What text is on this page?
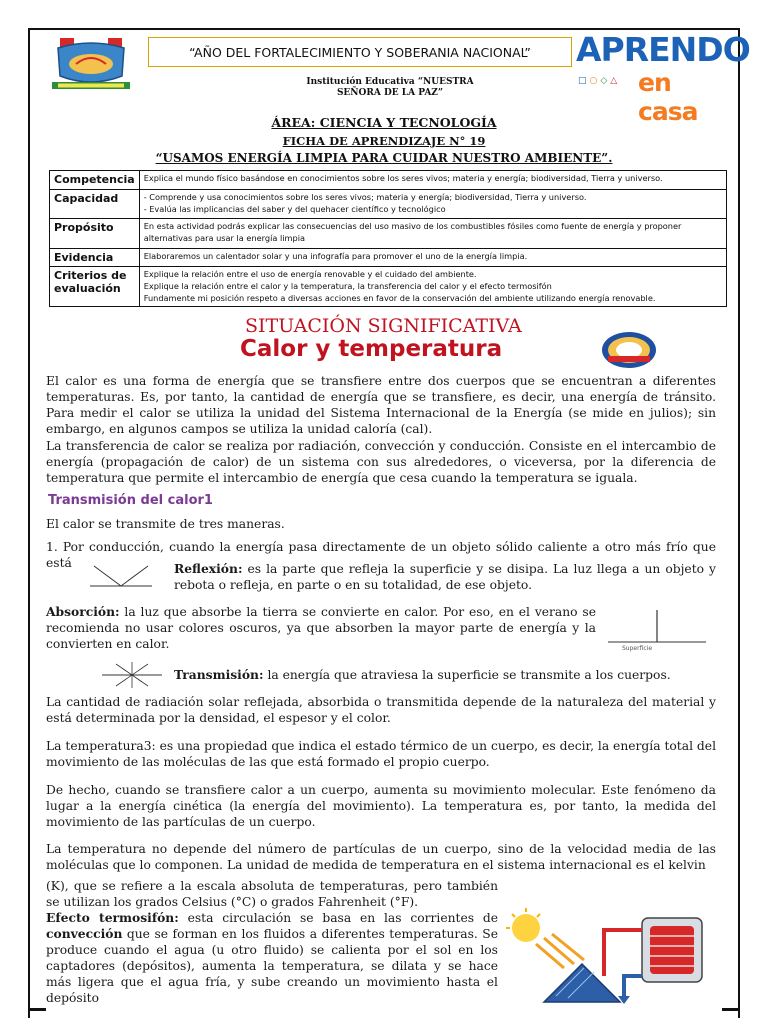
“AÑO DEL FORTALECIMIENTO Y SOBERANIA NACIONAL”
Institución Educativa “NUESTRA
SEÑORA DE LA PAZ”
APRENDO
□○◇△ en casa
ÁREA: CIENCIA Y TECNOLOGÍA
FICHA DE APRENDIZAJE N° 19
“USAMOS ENERGÍA LIMPIA PARA CUIDAR NUESTRO AMBIENTE”.
Competencia	Explica el mundo físico basándose en conocimientos sobre los seres vivos; materia y energía; biodiversidad, Tierra y universo.
Capacidad	- Comprende y usa conocimientos sobre los seres vivos; materia y energía; biodiversidad, Tierra y universo.
- Evalúa las implicancias del saber y del quehacer científico y tecnológico

Propósito	En esta actividad podrás explicar las consecuencias del uso masivo de los combustibles fósiles como fuente de energía y proponer alternativas para usar la energía limpia
Evidencia	Elaboraremos un calentador solar y una infografía para promover el uno de la energía limpia.
Criterios de evaluación	Explique la relación entre el uso de energía renovable y el cuidado del ambiente.
Explique la relación entre el calor y la temperatura, la transferencia del calor y el efecto termosifón
Fundamente mi posición respeto a diversas acciones en favor de la conservación del ambiente utilizando energía renovable.
SITUACIÓN SIGNIFICATIVA
Calor y temperatura
El calor es una forma de energía que se transfiere entre dos cuerpos que se encuentran a diferentes temperaturas. Es, por tanto, la cantidad de energía que se transfiere, es decir, una energía de tránsito. Para medir el calor se utiliza la unidad del Sistema Internacional de la Energía (se mide en julios); sin embargo, en algunos campos se utiliza la unidad caloría (cal).
La transferencia de calor se realiza por radiación, convección y conducción. Consiste en el intercambio de energía (propagación de calor) de un sistema con sus alrededores, o viceversa, por la diferencia de temperatura que permite el intercambio de energía que cesa cuando la temperatura se iguala.
Transmisión del calor1
El calor se transmite de tres maneras.
1. Por conducción, cuando la energía pasa directamente de un objeto sólido caliente a otro más frío que está	Reflexión: es la parte que refleja la superficie y se disipa. La luz llega a un objeto y rebota o refleja, en parte o en su totalidad, de ese objeto.
Absorción: la luz que absorbe la tierra se convierte en calor. Por eso, en el verano se recomienda no usar colores oscuros, ya que absorben la mayor parte de energía y la convierten en calor.	Superficie
Transmisión: la energía que atraviesa la superficie se transmite a los cuerpos.
La cantidad de radiación solar reflejada, absorbida o transmitida depende de la naturaleza del material y está determinada por la densidad, el espesor y el color.
La temperatura3: es una propiedad que indica el estado térmico de un cuerpo, es decir, la energía total del movimiento de las moléculas de las que está formado el propio cuerpo.
De hecho, cuando se transfiere calor a un cuerpo, aumenta su movimiento molecular. Este fenómeno da lugar a la energía cinética (la energía del movimiento). La temperatura es, por tanto, la medida del movimiento de las partículas de un cuerpo.
La temperatura no depende del número de partículas de un cuerpo, sino de la velocidad media de las moléculas que lo componen. La unidad de medida de temperatura en el sistema internacional es el kelvin
(K), que se refiere a la escala absoluta de temperaturas, pero también se utilizan los grados Celsius (°C) o grados Fahrenheit (°F).
Efecto termosifón: esta circulación se basa en las corrientes de convección que se forman en los fluidos a diferentes temperaturas. Se produce cuando el agua (u otro fluido) se calienta por el sol en los captadores (depósitos), aumenta la temperatura, se dilata y se hace más ligera que el agua fría, y sube creando un movimiento hasta el depósito
